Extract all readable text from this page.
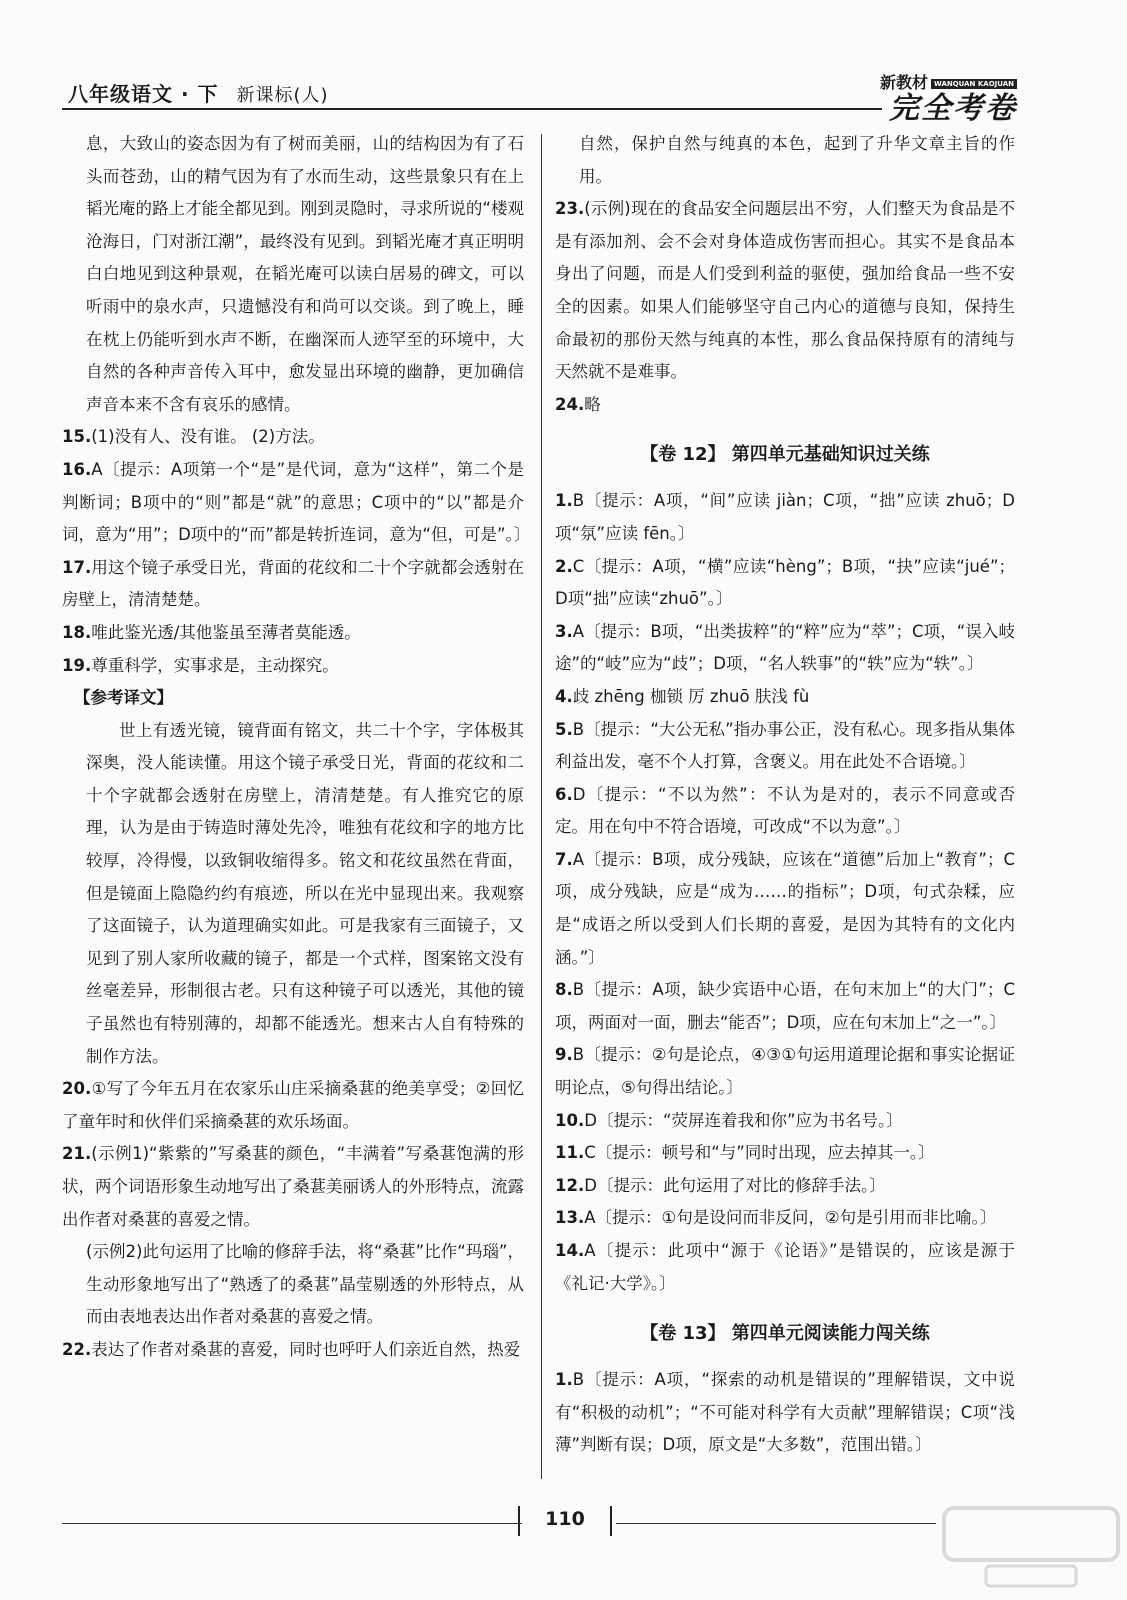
八年级语文 · 下 新课标(人)
新教材 WANQUAN KAOJUAN
完全考卷

息，大致山的姿态因为有了树而美丽，山的结构因为有了石头而苍劲，山的精气因为有了水而生动，这些景象只有在上韬光庵的路上才能全都见到。刚到灵隐时，寻求所说的“楼观沧海日，门对浙江潮”，最终没有见到。到韬光庵才真正明明白白地见到这种景观，在韬光庵可以读白居易的碑文，可以听雨中的泉水声，只遗憾没有和尚可以交谈。到了晚上，睡在枕上仍能听到水声不断，在幽深而人迹罕至的环境中，大自然的各种声音传入耳中，愈发显出环境的幽静，更加确信声音本来不含有哀乐的感情。

15.(1)没有人、没有谁。 (2)方法。

16.A〔提示：A项第一个“是”是代词，意为“这样”，第二个是判断词；B项中的“则”都是“就”的意思；C项中的“以”都是介词，意为“用”；D项中的“而”都是转折连词，意为“但，可是”。〕

17.用这个镜子承受日光，背面的花纹和二十个字就都会透射在房壁上，清清楚楚。

18.唯此鉴光透/其他鉴虽至薄者莫能透。

19.尊重科学，实事求是，主动探究。

【参考译文】

世上有透光镜，镜背面有铭文，共二十个字，字体极其深奥，没人能读懂。用这个镜子承受日光，背面的花纹和二十个字就都会透射在房壁上，清清楚楚。有人推究它的原理，认为是由于铸造时薄处先冷，唯独有花纹和字的地方比较厚，冷得慢，以致铜收缩得多。铭文和花纹虽然在背面，但是镜面上隐隐约约有痕迹，所以在光中显现出来。我观察了这面镜子，认为道理确实如此。可是我家有三面镜子，又见到了别人家所收藏的镜子，都是一个式样，图案铭文没有丝毫差异，形制很古老。只有这种镜子可以透光，其他的镜子虽然也有特别薄的，却都不能透光。想来古人自有特殊的制作方法。

20.①写了今年五月在农家乐山庄采摘桑葚的绝美享受；②回忆了童年时和伙伴们采摘桑葚的欢乐场面。

21.(示例1)“紫紫的”写桑葚的颜色，“丰满着”写桑葚饱满的形状，两个词语形象生动地写出了桑葚美丽诱人的外形特点，流露出作者对桑葚的喜爱之情。

(示例2)此句运用了比喻的修辞手法，将“桑葚”比作“玛瑙”，生动形象地写出了“熟透了的桑葚”晶莹剔透的外形特点，从而由表地表达出作者对桑葚的喜爱之情。

22.表达了作者对桑葚的喜爱，同时也呼吁人们亲近自然，热爱

自然，保护自然与纯真的本色，起到了升华文章主旨的作用。

23.(示例)现在的食品安全问题层出不穷，人们整天为食品是不是有添加剂、会不会对身体造成伤害而担心。其实不是食品本身出了问题，而是人们受到利益的驱使，强加给食品一些不安全的因素。如果人们能够坚守自己内心的道德与良知，保持生命最初的那份天然与纯真的本性，那么食品保持原有的清纯与天然就不是难事。

24.略

【卷 12】 第四单元基础知识过关练

1.B〔提示：A项，“间”应读 jiàn；C项，“拙”应读 zhuō；D项“氛”应读 fēn。〕

2.C〔提示：A项，“横”应读“hèng”；B项，“抉”应读“jué”；D项“拙”应读“zhuō”。〕

3.A〔提示：B项，“出类拔粹”的“粹”应为“萃”；C项，“误入岐途”的“岐”应为“歧”；D项，“名人轶事”的“轶”应为“轶”。〕

4.歧 zhēng 枷锁 厉 zhuō 肤浅 fù

5.B〔提示：“大公无私”指办事公正，没有私心。现多指从集体利益出发，毫不个人打算，含褒义。用在此处不合语境。〕

6.D〔提示：“不以为然”：不认为是对的，表示不同意或否定。用在句中不符合语境，可改成“不以为意”。〕

7.A〔提示：B项，成分残缺，应该在“道德”后加上“教育”；C项，成分残缺，应是“成为……的指标”；D项，句式杂糅，应是“成语之所以受到人们长期的喜爱，是因为其特有的文化内涵。”〕

8.B〔提示：A项，缺少宾语中心语，在句末加上“的大门”；C项，两面对一面，删去“能否”；D项，应在句末加上“之一”。〕

9.B〔提示：②句是论点，④③①句运用道理论据和事实论据证明论点，⑤句得出结论。〕

10.D〔提示：“荧屏连着我和你”应为书名号。〕

11.C〔提示：顿号和“与”同时出现，应去掉其一。〕

12.D〔提示：此句运用了对比的修辞手法。〕

13.A〔提示：①句是设问而非反问，②句是引用而非比喻。〕

14.A〔提示：此项中“源于《论语》”是错误的，应该是源于《礼记·大学》。〕

【卷 13】 第四单元阅读能力闯关练

1.B〔提示：A项，“探索的动机是错误的”理解错误，文中说有“积极的动机”；“不可能对科学有大贡献”理解错误；C项“浅薄”判断有误；D项，原文是“大多数”，范围出错。〕

110
